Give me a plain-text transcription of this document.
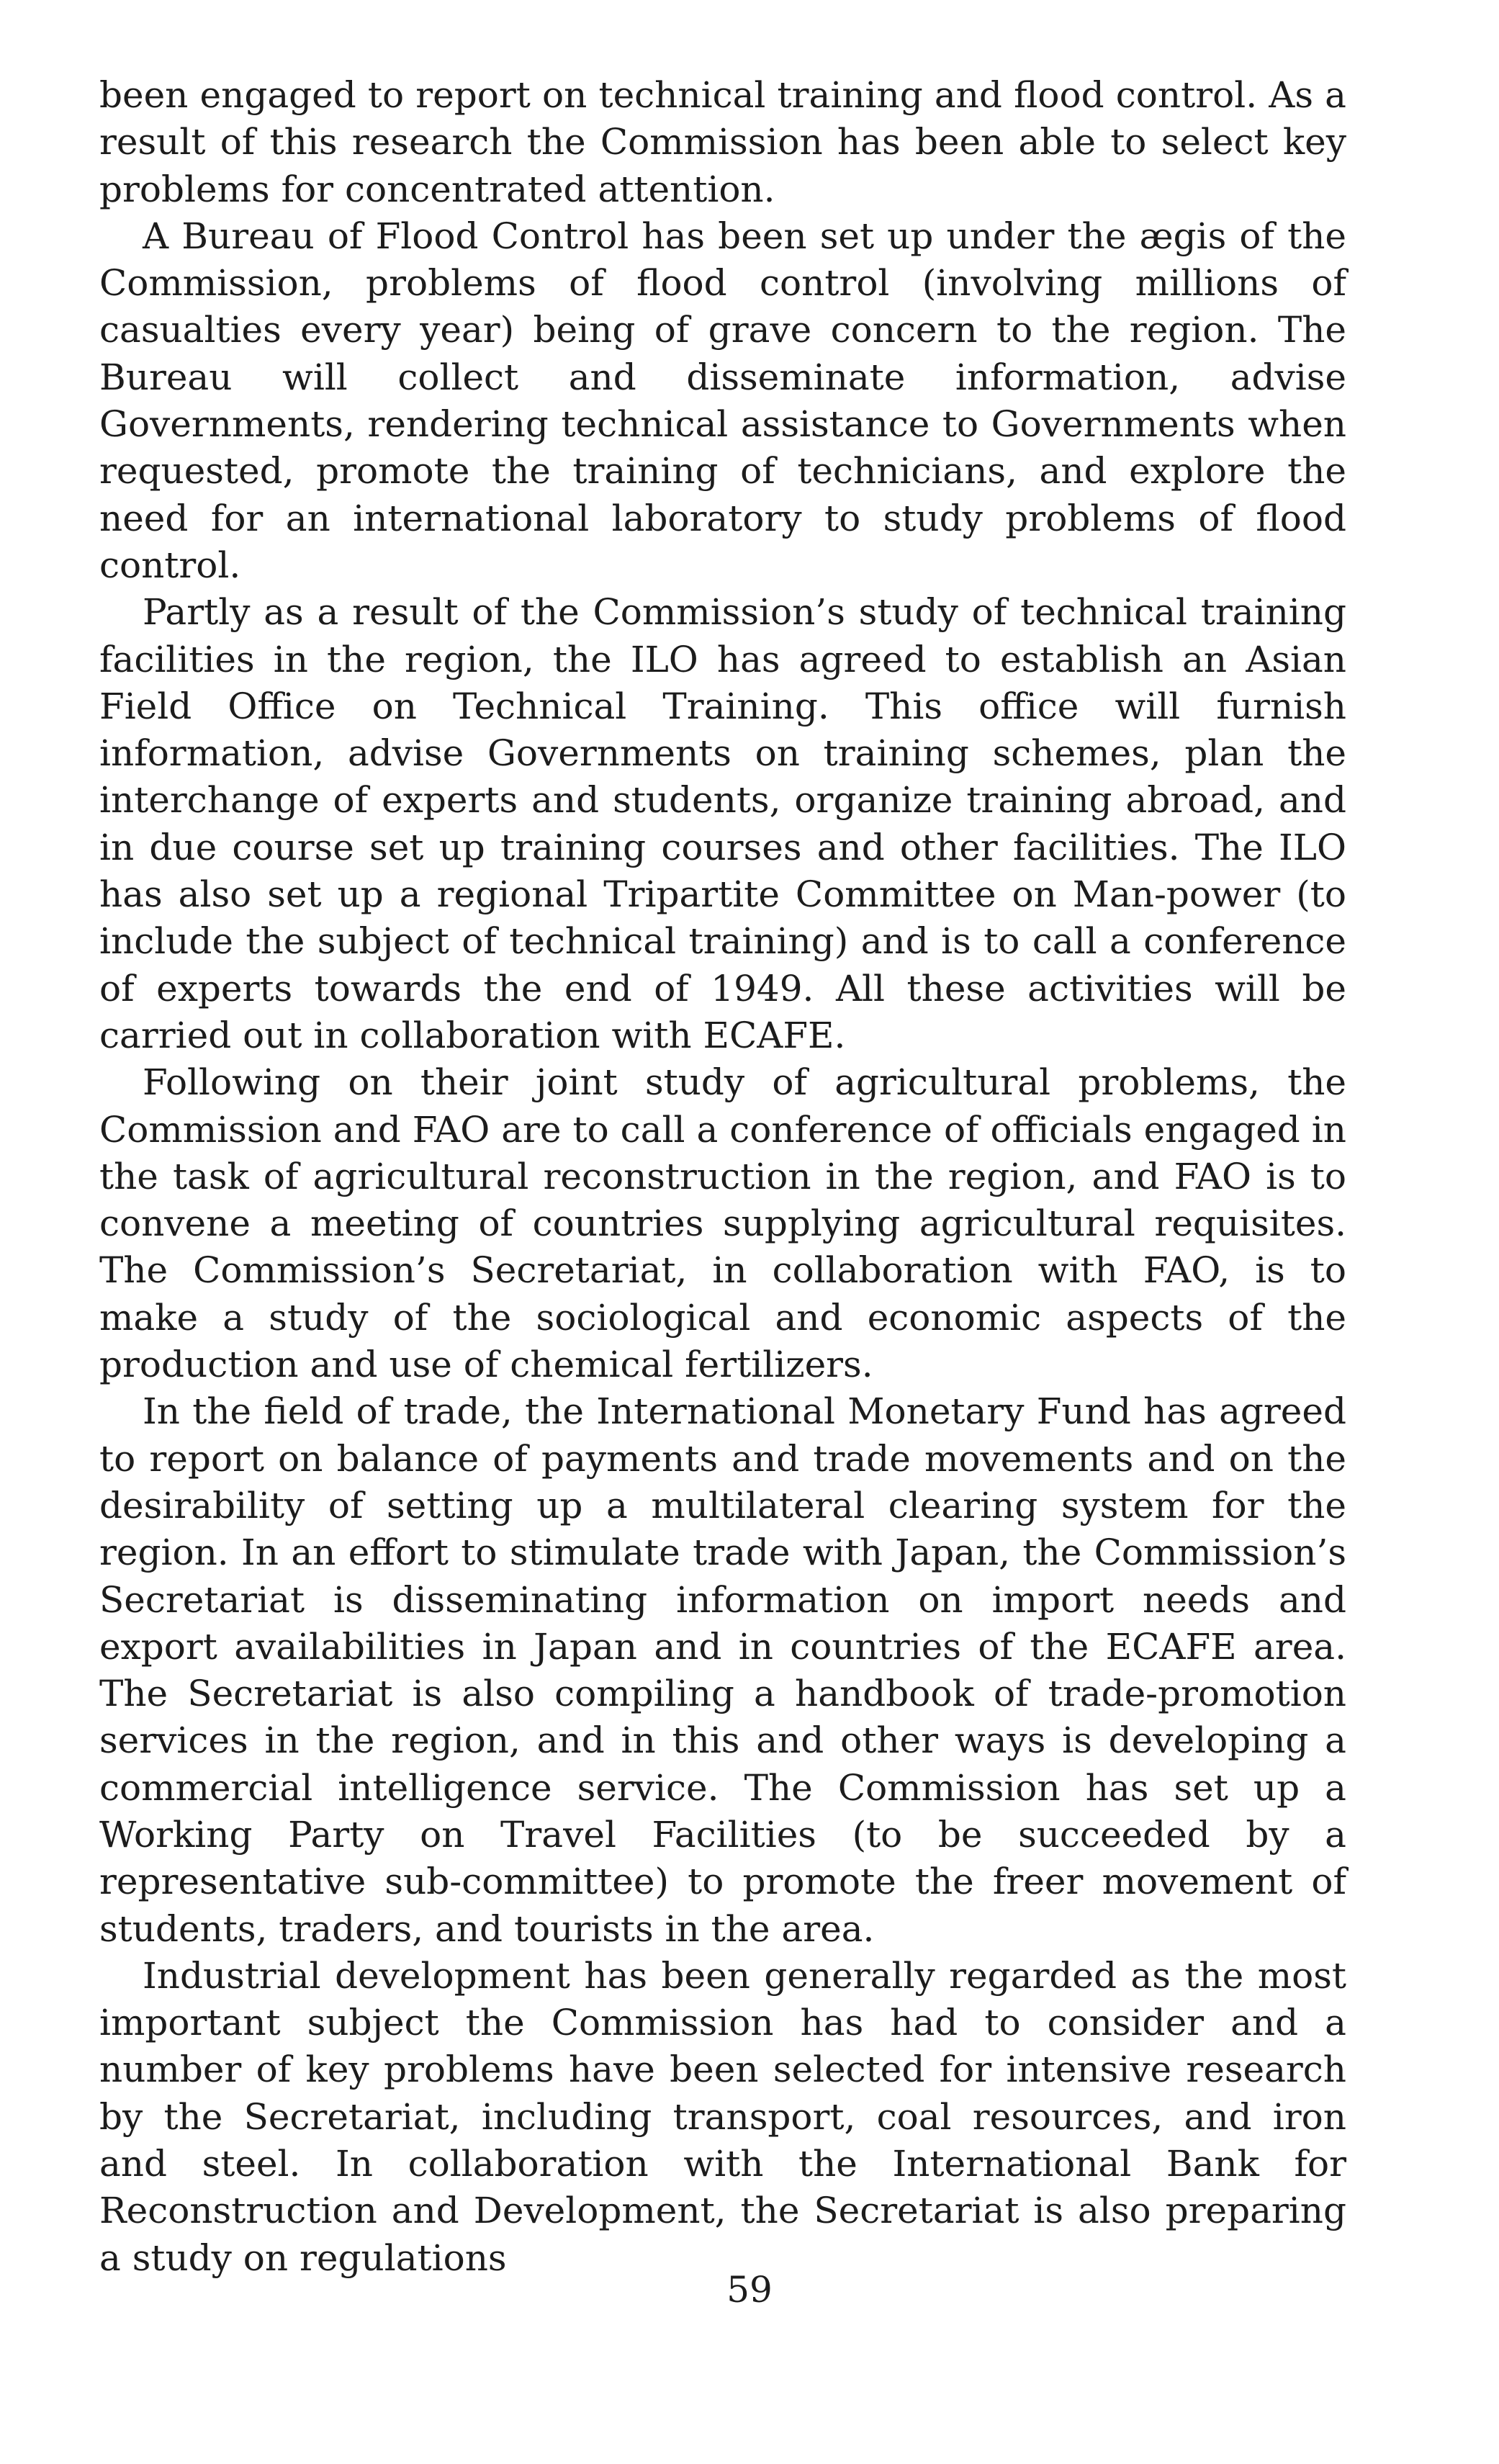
been engaged to report on technical training and flood control. As a result of this research the Commission has been able to select key problems for concentrated attention.

A Bureau of Flood Control has been set up under the ægis of the Commission, problems of flood control (involving millions of casualties every year) being of grave concern to the region. The Bureau will collect and disseminate information, advise Governments, rendering technical assistance to Governments when requested, promote the training of technicians, and explore the need for an international laboratory to study problems of flood control.

Partly as a result of the Commission’s study of technical training facilities in the region, the ILO has agreed to establish an Asian Field Office on Technical Training. This office will furnish information, advise Governments on training schemes, plan the interchange of experts and students, organize training abroad, and in due course set up training courses and other facilities. The ILO has also set up a regional Tripartite Committee on Man-power (to include the subject of technical training) and is to call a conference of experts towards the end of 1949. All these activities will be carried out in collaboration with ECAFE.

Following on their joint study of agricultural problems, the Commission and FAO are to call a conference of officials engaged in the task of agricultural reconstruction in the region, and FAO is to convene a meeting of countries supplying agricultural requisites. The Commission’s Secretariat, in collaboration with FAO, is to make a study of the sociological and economic aspects of the production and use of chemical fertilizers.

In the field of trade, the International Monetary Fund has agreed to report on balance of payments and trade movements and on the desirability of setting up a multilateral clearing system for the region. In an effort to stimulate trade with Japan, the Commission’s Secretariat is disseminating information on import needs and export availabilities in Japan and in countries of the ECAFE area. The Secretariat is also compiling a handbook of trade-promotion services in the region, and in this and other ways is developing a commercial intelligence service. The Commission has set up a Working Party on Travel Facilities (to be succeeded by a representative sub-committee) to promote the freer movement of students, traders, and tourists in the area.

Industrial development has been generally regarded as the most important subject the Commission has had to consider and a number of key problems have been selected for intensive research by the Secretariat, including transport, coal resources, and iron and steel. In collaboration with the International Bank for Reconstruction and Development, the Secretariat is also preparing a study on regulations

59
